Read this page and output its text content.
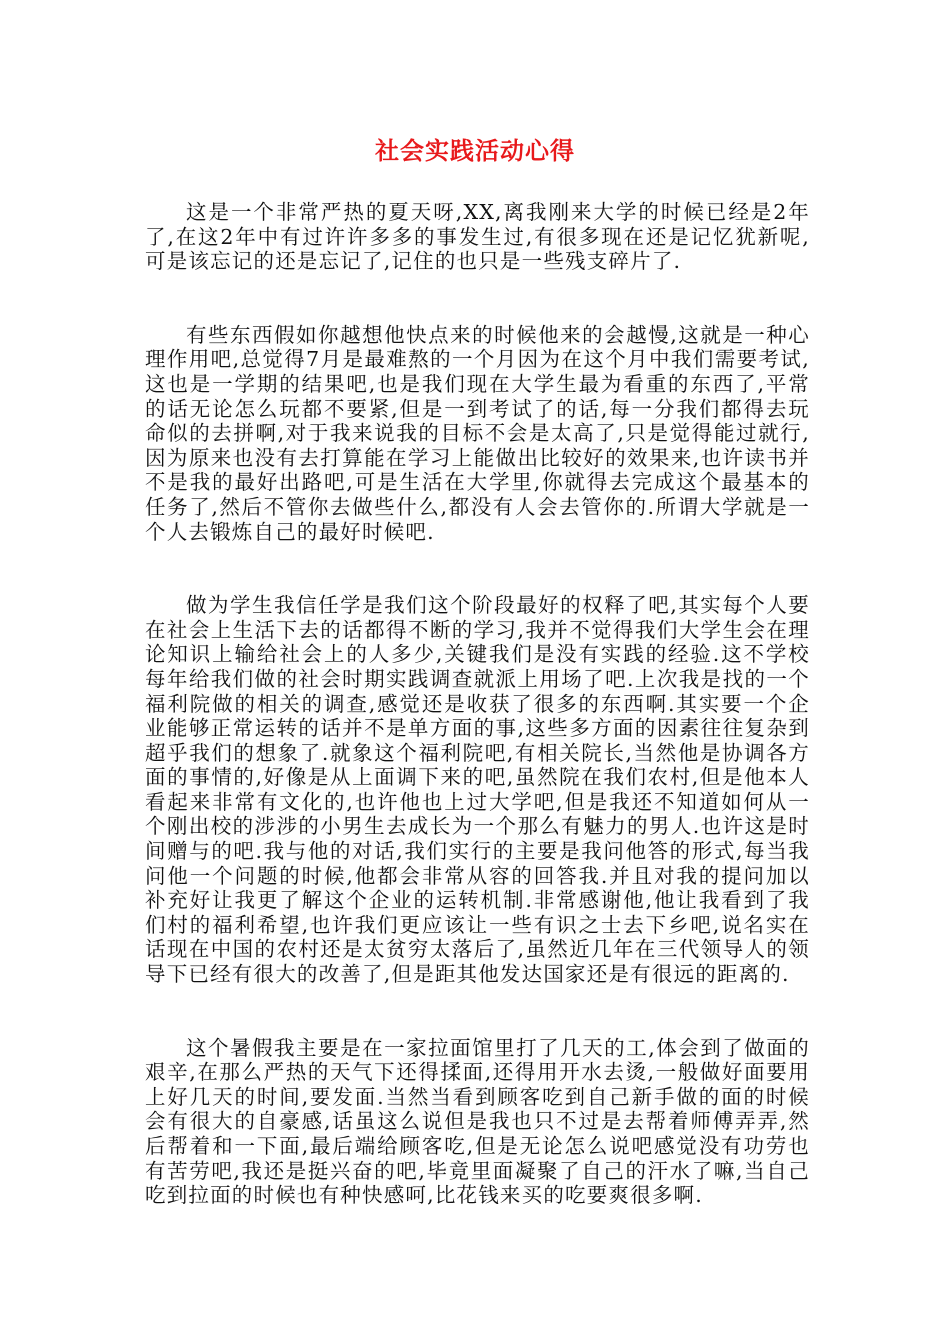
社会实践活动心得

这是一个非常严热的夏天呀,XX,离我刚来大学的时候已经是2年了,在这2年中有过许许多多的事发生过,有很多现在还是记忆犹新呢,可是该忘记的还是忘记了,记住的也只是一些残支碎片了.

有些东西假如你越想他快点来的时候他来的会越慢,这就是一种心理作用吧,总觉得7月是最难熬的一个月因为在这个月中我们需要考试,这也是一学期的结果吧,也是我们现在大学生最为看重的东西了,平常的话无论怎么玩都不要紧,但是一到考试了的话,每一分我们都得去玩命似的去拼啊,对于我来说我的目标不会是太高了,只是觉得能过就行,因为原来也没有去打算能在学习上能做出比较好的效果来,也许读书并不是我的最好出路吧,可是生活在大学里,你就得去完成这个最基本的任务了,然后不管你去做些什么,都没有人会去管你的.所谓大学就是一个人去锻炼自己的最好时候吧.

做为学生我信任学是我们这个阶段最好的权释了吧,其实每个人要在社会上生活下去的话都得不断的学习,我并不觉得我们大学生会在理论知识上输给社会上的人多少,关键我们是没有实践的经验.这不学校每年给我们做的社会时期实践调查就派上用场了吧.上次我是找的一个福利院做的相关的调查,感觉还是收获了很多的东西啊.其实要一个企业能够正常运转的话并不是单方面的事,这些多方面的因素往往复杂到超乎我们的想象了.就象这个福利院吧,有相关院长,当然他是协调各方面的事情的,好像是从上面调下来的吧,虽然院在我们农村,但是他本人看起来非常有文化的,也许他也上过大学吧,但是我还不知道如何从一个刚出校的涉涉的小男生去成长为一个那么有魅力的男人.也许这是时间赠与的吧.我与他的对话,我们实行的主要是我问他答的形式,每当我问他一个问题的时候,他都会非常从容的回答我.并且对我的提问加以补充好让我更了解这个企业的运转机制.非常感谢他,他让我看到了我们村的福利希望,也许我们更应该让一些有识之士去下乡吧,说名实在话现在中国的农村还是太贫穷太落后了,虽然近几年在三代领导人的领导下已经有很大的改善了,但是距其他发达国家还是有很远的距离的.

这个暑假我主要是在一家拉面馆里打了几天的工,体会到了做面的艰辛,在那么严热的天气下还得揉面,还得用开水去烫,一般做好面要用上好几天的时间,要发面.当然当看到顾客吃到自己新手做的面的时候会有很大的自豪感,话虽这么说但是我也只不过是去帮着师傅弄弄,然后帮着和一下面,最后端给顾客吃,但是无论怎么说吧感觉没有功劳也有苦劳吧,我还是挺兴奋的吧,毕竟里面凝聚了自己的汗水了嘛,当自己吃到拉面的时候也有种快感呵,比花钱来买的吃要爽很多啊.
